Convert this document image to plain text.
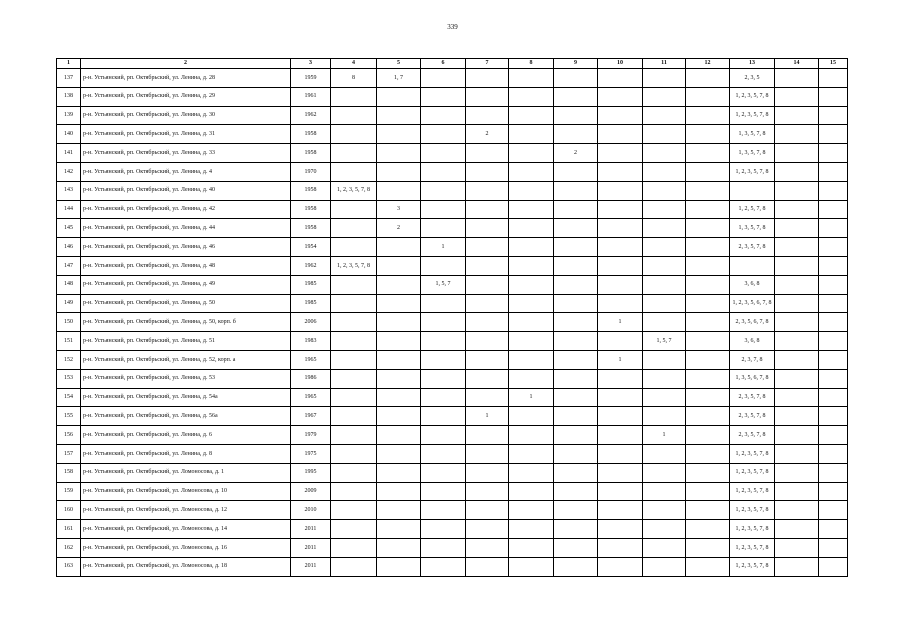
339
1	2	3	4	5	6	7	8	9	10	11	12	13	14	15
137	р-н. Устьянский, рп. Октябрьский, ул. Ленина, д. 28	1959	8	1, 7								2, 3, 5		
138	р-н. Устьянский, рп. Октябрьский, ул. Ленина, д. 29	1961										1, 2, 3, 5, 7, 8		
139	р-н. Устьянский, рп. Октябрьский, ул. Ленина, д. 30	1962										1, 2, 3, 5, 7, 8		
140	р-н. Устьянский, рп. Октябрьский, ул. Ленина, д. 31	1958				2						1, 3, 5, 7, 8		
141	р-н. Устьянский, рп. Октябрьский, ул. Ленина, д. 33	1958						2				1, 3, 5, 7, 8		
142	р-н. Устьянский, рп. Октябрьский, ул. Ленина, д. 4	1970										1, 2, 3, 5, 7, 8		
143	р-н. Устьянский, рп. Октябрьский, ул. Ленина, д. 40	1958	1, 2, 3, 5, 7, 8											
144	р-н. Устьянский, рп. Октябрьский, ул. Ленина, д. 42	1958		3								1, 2, 5, 7, 8		
145	р-н. Устьянский, рп. Октябрьский, ул. Ленина, д. 44	1958		2								1, 3, 5, 7, 8		
146	р-н. Устьянский, рп. Октябрьский, ул. Ленина, д. 46	1954			1							2, 3, 5, 7, 8		
147	р-н. Устьянский, рп. Октябрьский, ул. Ленина, д. 48	1962	1, 2, 3, 5, 7, 8											
148	р-н. Устьянский, рп. Октябрьский, ул. Ленина, д. 49	1985			1, 5, 7							3, 6, 8		
149	р-н. Устьянский, рп. Октябрьский, ул. Ленина, д. 50	1985										1, 2, 3, 5, 6, 7, 8		
150	р-н. Устьянский, рп. Октябрьский, ул. Ленина, д. 50, корп. б	2006							1			2, 3, 5, 6, 7, 8		
151	р-н. Устьянский, рп. Октябрьский, ул. Ленина, д. 51	1983								1, 5, 7		3, 6, 8		
152	р-н. Устьянский, рп. Октябрьский, ул. Ленина, д. 52, корп. а	1965							1			2, 3, 7, 8		
153	р-н. Устьянский, рп. Октябрьский, ул. Ленина, д. 53	1986										1, 3, 5, 6, 7, 8		
154	р-н. Устьянский, рп. Октябрьский, ул. Ленина, д. 54а	1965					1					2, 3, 5, 7, 8		
155	р-н. Устьянский, рп. Октябрьский, ул. Ленина, д. 56а	1967				1						2, 3, 5, 7, 8		
156	р-н. Устьянский, рп. Октябрьский, ул. Ленина, д. 6	1979								1		2, 3, 5, 7, 8		
157	р-н. Устьянский, рп. Октябрьский, ул. Ленина, д. 8	1975										1, 2, 3, 5, 7, 8		
158	р-н. Устьянский, рп. Октябрьский, ул. Ломоносова, д. 1	1995										1, 2, 3, 5, 7, 8		
159	р-н. Устьянский, рп. Октябрьский, ул. Ломоносова, д. 10	2009										1, 2, 3, 5, 7, 8		
160	р-н. Устьянский, рп. Октябрьский, ул. Ломоносова, д. 12	2010										1, 2, 3, 5, 7, 8		
161	р-н. Устьянский, рп. Октябрьский, ул. Ломоносова, д. 14	2011										1, 2, 3, 5, 7, 8		
162	р-н. Устьянский, рп. Октябрьский, ул. Ломоносова, д. 16	2011										1, 2, 3, 5, 7, 8		
163	р-н. Устьянский, рп. Октябрьский, ул. Ломоносова, д. 18	2011										1, 2, 3, 5, 7, 8		
